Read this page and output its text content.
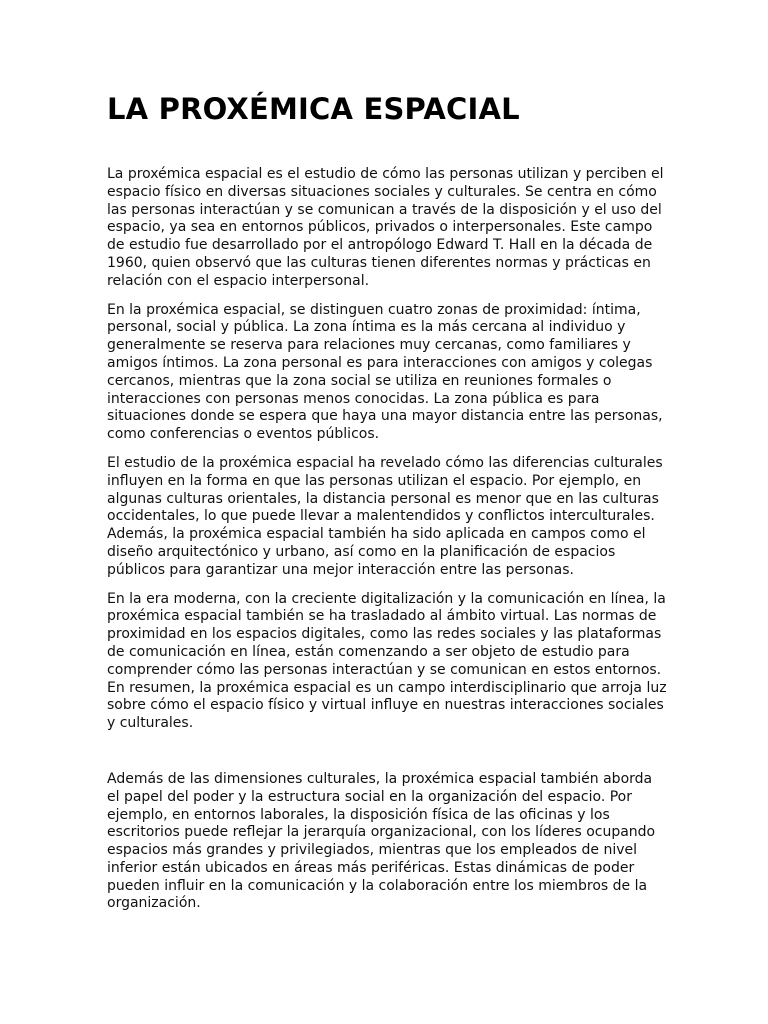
LA PROXÉMICA ESPACIAL

La proxémica espacial es el estudio de cómo las personas utilizan y perciben el espacio físico en diversas situaciones sociales y culturales. Se centra en cómo las personas interactúan y se comunican a través de la disposición y el uso del espacio, ya sea en entornos públicos, privados o interpersonales. Este campo de estudio fue desarrollado por el antropólogo Edward T. Hall en la década de 1960, quien observó que las culturas tienen diferentes normas y prácticas en relación con el espacio interpersonal.

En la proxémica espacial, se distinguen cuatro zonas de proximidad: íntima, personal, social y pública. La zona íntima es la más cercana al individuo y generalmente se reserva para relaciones muy cercanas, como familiares y amigos íntimos. La zona personal es para interacciones con amigos y colegas cercanos, mientras que la zona social se utiliza en reuniones formales o interacciones con personas menos conocidas. La zona pública es para situaciones donde se espera que haya una mayor distancia entre las personas, como conferencias o eventos públicos.

El estudio de la proxémica espacial ha revelado cómo las diferencias culturales influyen en la forma en que las personas utilizan el espacio. Por ejemplo, en algunas culturas orientales, la distancia personal es menor que en las culturas occidentales, lo que puede llevar a malentendidos y conflictos interculturales. Además, la proxémica espacial también ha sido aplicada en campos como el diseño arquitectónico y urbano, así como en la planificación de espacios públicos para garantizar una mejor interacción entre las personas.

En la era moderna, con la creciente digitalización y la comunicación en línea, la proxémica espacial también se ha trasladado al ámbito virtual. Las normas de proximidad en los espacios digitales, como las redes sociales y las plataformas de comunicación en línea, están comenzando a ser objeto de estudio para comprender cómo las personas interactúan y se comunican en estos entornos. En resumen, la proxémica espacial es un campo interdisciplinario que arroja luz sobre cómo el espacio físico y virtual influye en nuestras interacciones sociales y culturales.

Además de las dimensiones culturales, la proxémica espacial también aborda el papel del poder y la estructura social en la organización del espacio. Por ejemplo, en entornos laborales, la disposición física de las oficinas y los escritorios puede reflejar la jerarquía organizacional, con los líderes ocupando espacios más grandes y privilegiados, mientras que los empleados de nivel inferior están ubicados en áreas más periféricas. Estas dinámicas de poder pueden influir en la comunicación y la colaboración entre los miembros de la organización.
